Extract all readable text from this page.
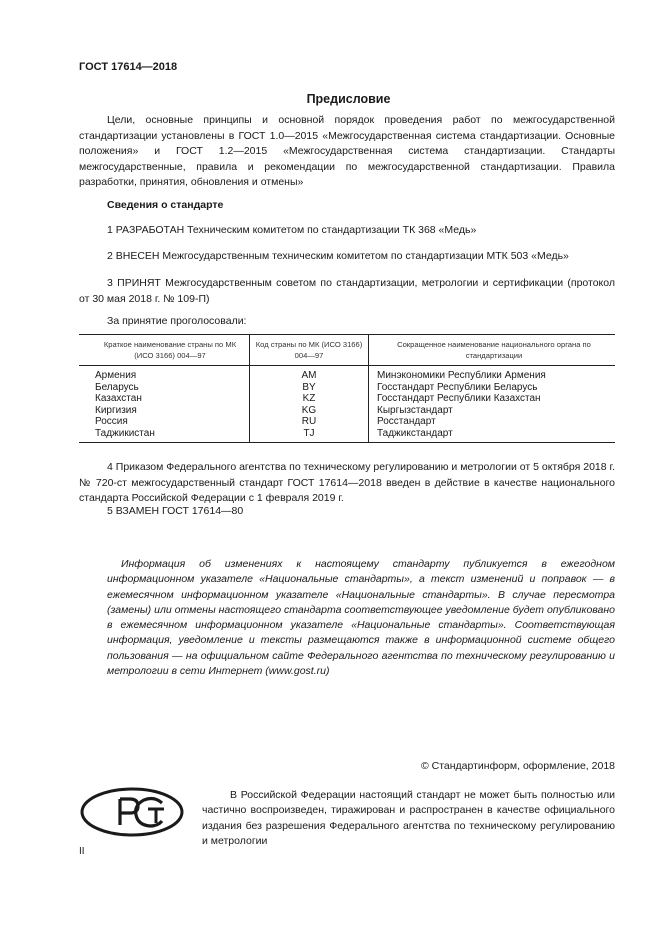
ГОСТ 17614—2018
Предисловие
Цели, основные принципы и основной порядок проведения работ по межгосударственной стандартизации установлены в ГОСТ 1.0—2015 «Межгосударственная система стандартизации. Основные положения» и ГОСТ 1.2—2015 «Межгосударственная система стандартизации. Стандарты межгосударственные, правила и рекомендации по межгосударственной стандартизации. Правила разработки, принятия, обновления и отмены»
Сведения о стандарте
1 РАЗРАБОТАН Техническим комитетом по стандартизации ТК 368 «Медь»
2 ВНЕСЕН Межгосударственным техническим комитетом по стандартизации МТК 503 «Медь»
3 ПРИНЯТ Межгосударственным советом по стандартизации, метрологии и сертификации (протокол от 30 мая 2018 г. № 109-П)
За принятие проголосовали:
Краткое наименование страны по МК (ИСО 3166) 004—97	Код страны по МК (ИСО 3166) 004—97	Сокращенное наименование национального органа по стандартизации
Армения	AM	Минэкономики Республики Армения
Беларусь	BY	Госстандарт Республики Беларусь
Казахстан	KZ	Госстандарт Республики Казахстан
Киргизия	KG	Кыргызстандарт
Россия	RU	Росстандарт
Таджикистан	TJ	Таджикстандарт
4 Приказом Федерального агентства по техническому регулированию и метрологии от 5 октября 2018 г. № 720-ст межгосударственный стандарт ГОСТ 17614—2018 введен в действие в качестве национального стандарта Российской Федерации с 1 февраля 2019 г.
5 ВЗАМЕН ГОСТ 17614—80
Информация об изменениях к настоящему стандарту публикуется в ежегодном информационном указателе «Национальные стандарты», а текст изменений и поправок — в ежемесячном информационном указателе «Национальные стандарты». В случае пересмотра (замены) или отмены настоящего стандарта соответствующее уведомление будет опубликовано в ежемесячном информационном указателе «Национальные стандарты». Соответствующая информация, уведомление и тексты размещаются также в информационной системе общего пользования — на официальном сайте Федерального агентства по техническому регулированию и метрологии в сети Интернет (www.gost.ru)
© Стандартинформ, оформление, 2018
В Российской Федерации настоящий стандарт не может быть полностью или частично воспроизведен, тиражирован и распространен в качестве официального издания без разрешения Федерального агентства по техническому регулированию и метрологии
II
